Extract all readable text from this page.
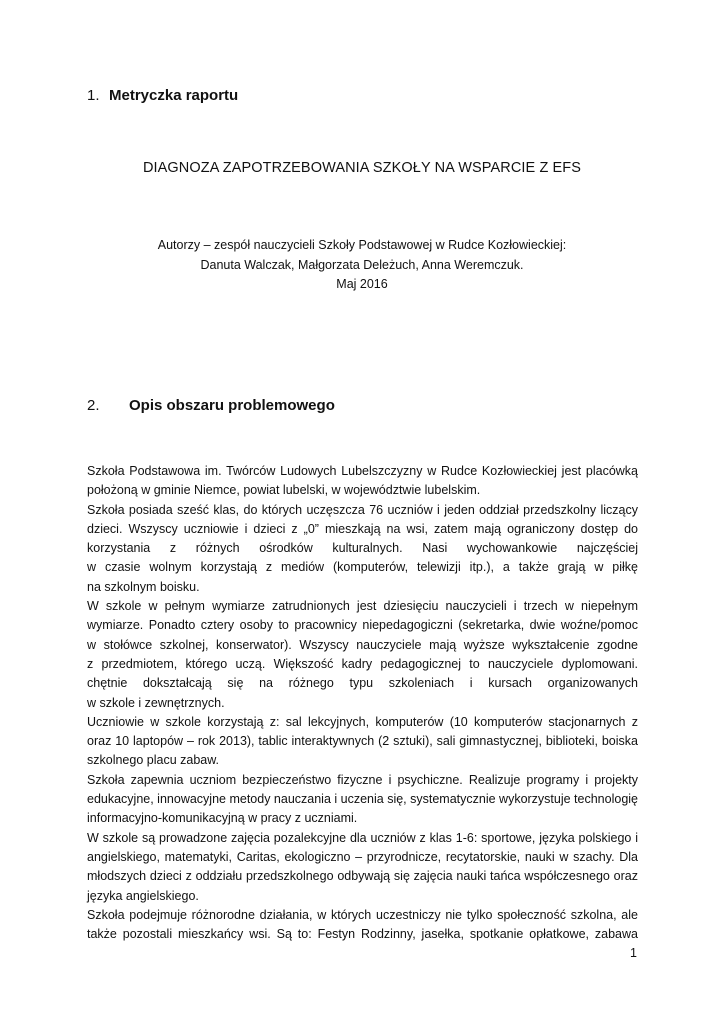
1. Metryczka raportu
DIAGNOZA ZAPOTRZEBOWANIA SZKOŁY NA WSPARCIE Z EFS
Autorzy – zespół nauczycieli Szkoły Podstawowej w Rudce Kozłowieckiej:
Danuta Walczak, Małgorzata Deleżuch, Anna Weremczuk.
Maj 2016
2. Opis obszaru problemowego
Szkoła Podstawowa im. Twórców Ludowych Lubelszczyzny w Rudce Kozłowieckiej jest placówką
położoną w gminie Niemce, powiat lubelski, w województwie lubelskim.
Szkoła posiada sześć klas, do których uczęszcza 76 uczniów i jeden oddział przedszkolny liczący
dzieci. Wszyscy uczniowie i dzieci z „0” mieszkają na wsi, zatem mają ograniczony dostęp do
korzystania z różnych ośrodków kulturalnych. Nasi wychowankowie najczęściej
w czasie wolnym korzystają z mediów (komputerów, telewizji itp.), a także grają w piłkę
na szkolnym boisku.
W szkole w pełnym wymiarze zatrudnionych jest dziesięciu nauczycieli i trzech w niepełnym
wymiarze. Ponadto cztery osoby to pracownicy niepedagogiczni (sekretarka, dwie woźne/pomoc
w stołówce szkolnej, konserwator). Wszyscy nauczyciele mają wyższe wykształcenie zgodne
z przedmiotem, którego uczą. Większość kadry pedagogicznej to nauczyciele dyplomowani.
chętnie dokształcają się na różnego typu szkoleniach i kursach organizowanych
w szkole i zewnętrznych.
Uczniowie w szkole korzystają z: sal lekcyjnych, komputerów (10 komputerów stacjonarnych z
oraz 10 laptopów – rok 2013), tablic interaktywnych (2 sztuki), sali gimnastycznej, biblioteki, boiska
szkolnego placu zabaw.
Szkoła zapewnia uczniom bezpieczeństwo fizyczne i psychiczne. Realizuje programy i projekty
edukacyjne, innowacyjne metody nauczania i uczenia się, systematycznie wykorzystuje technologię
informacyjno-komunikacyjną w pracy z uczniami.
W szkole są prowadzone zajęcia pozalekcyjne dla uczniów z klas 1-6: sportowe, języka polskiego i
angielskiego, matematyki, Caritas, ekologiczno – przyrodnicze, recytatorskie, nauki w szachy. Dla
młodszych dzieci z oddziału przedszkolnego odbywają się zajęcia nauki tańca współczesnego oraz
języka angielskiego.
Szkoła podejmuje różnorodne działania, w których uczestniczy nie tylko społeczność szkolna, ale
także pozostali mieszkańcy wsi. Są to: Festyn Rodzinny, jasełka, spotkanie opłatkowe, zabawa
1
